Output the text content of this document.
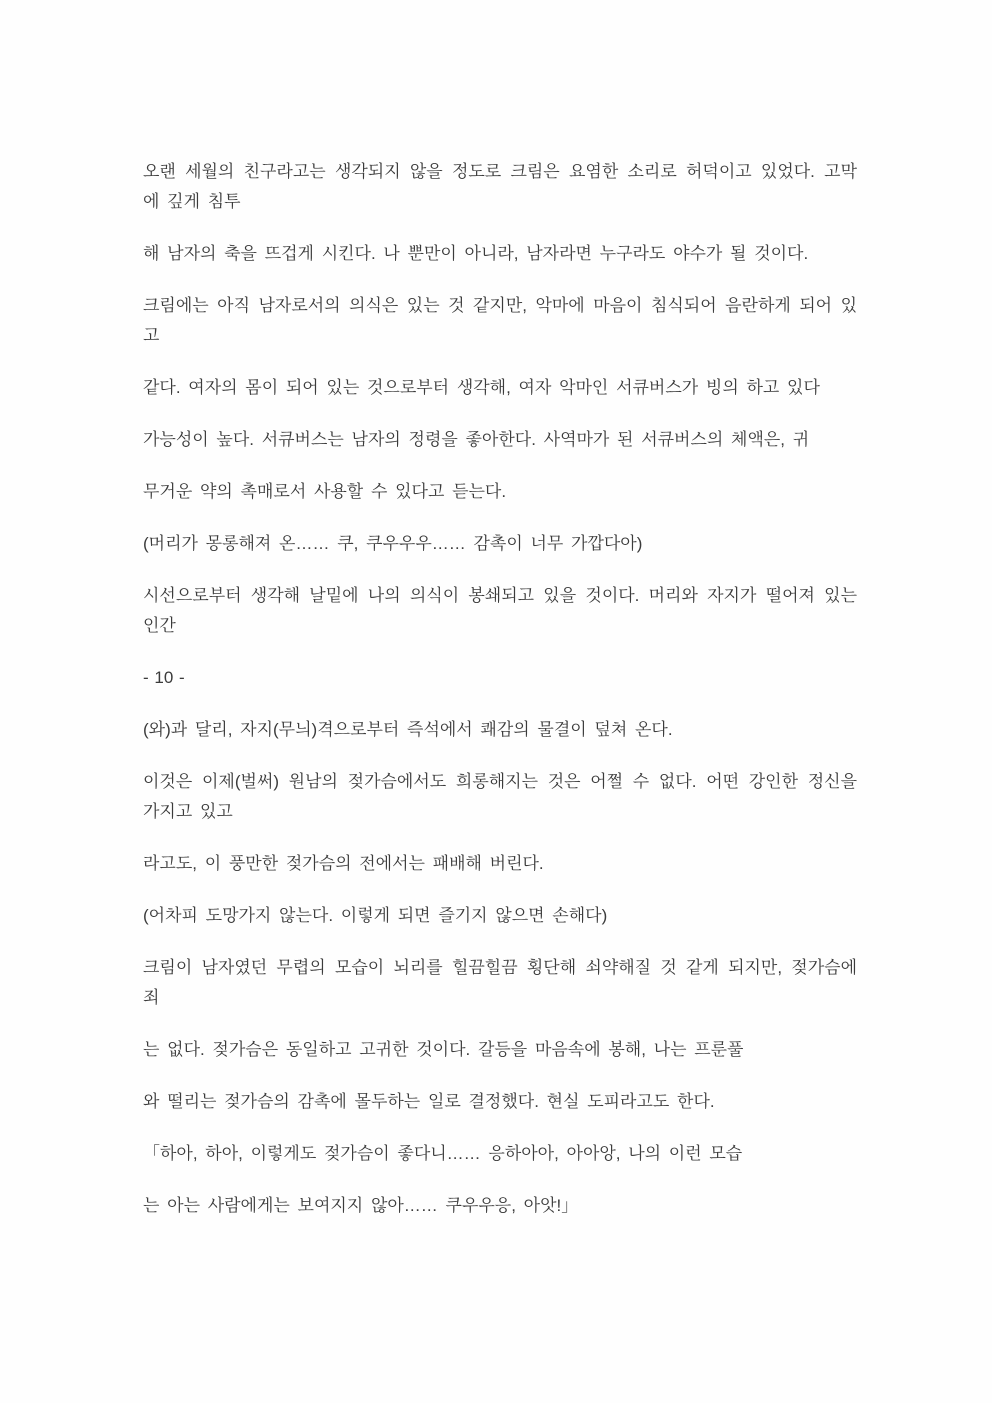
오랜 세월의 친구라고는 생각되지 않을 정도로 크림은 요염한 소리로 허덕이고 있었다. 고막
에 깊게 침투
해 남자의 축을 뜨겁게 시킨다. 나 뿐만이 아니라, 남자라면 누구라도 야수가 될 것이다.
크림에는 아직 남자로서의 의식은 있는 것 같지만, 악마에 마음이 침식되어 음란하게 되어 있
고
같다. 여자의 몸이 되어 있는 것으로부터 생각해, 여자 악마인 서큐버스가 빙의 하고 있다
가능성이 높다. 서큐버스는 남자의 정령을 좋아한다. 사역마가 된 서큐버스의 체액은, 귀
무거운 약의 촉매로서 사용할 수 있다고 듣는다.
(머리가 몽롱해져 온…… 쿠, 쿠우우우…… 감촉이 너무 가깝다아)
시선으로부터 생각해 날밑에 나의 의식이 봉쇄되고 있을 것이다. 머리와 자지가 떨어져 있는
인간
- 10 -
(와)과 달리, 자지(무늬)격으로부터 즉석에서 쾌감의 물결이 덮쳐 온다.
이것은 이제(벌써) 원남의 젖가슴에서도 희롱해지는 것은 어쩔 수 없다. 어떤 강인한 정신을
가지고 있고
라고도, 이 풍만한 젖가슴의 전에서는 패배해 버린다.
(어차피 도망가지 않는다. 이렇게 되면 즐기지 않으면 손해다)
크림이 남자였던 무렵의 모습이 뇌리를 힐끔힐끔 횡단해 쇠약해질 것 같게 되지만, 젖가슴에
죄
는 없다. 젖가슴은 동일하고 고귀한 것이다. 갈등을 마음속에 봉해, 나는 프룬풀
와 떨리는 젖가슴의 감촉에 몰두하는 일로 결정했다. 현실 도피라고도 한다.
「하아, 하아, 이렇게도 젖가슴이 좋다니…… 응하아아, 아아앙, 나의 이런 모습
는 아는 사람에게는 보여지지 않아…… 쿠우우응, 아앗!」
